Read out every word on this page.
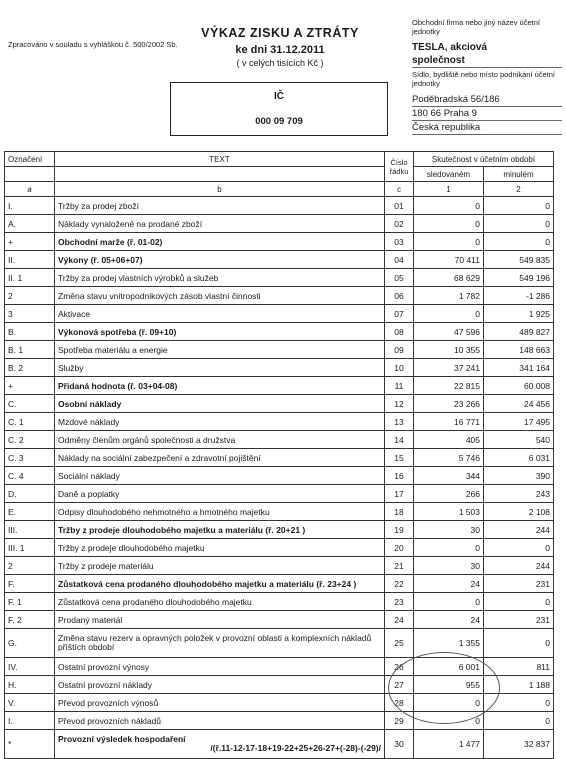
Zpracováno v souladu s vyhláškou č. 500/2002 Sb.
VÝKAZ ZISKU A ZTRÁTY
ke dni 31.12.2011
( v celých tisících Kč )
IČ
000 09 709
Obchodní firma nebo jiný název účetní jednotky
TESLA, akciová
společnost
Sídlo, bydliště nebo místo podnikání účetní jednotky
Poděbradská 56/186
180 66 Praha 9
Česká republika
Označení	TEXT	Číslo řádku	Skutečnost v účetním období	
			sledovaném	minulém
a	b	c	1	2
I.	Tržby za prodej zboží	01	0	0
A.	Náklady vynaložené na prodané zboží	02	0	0
+	Obchodní marže (ř. 01-02)	03	0	0
II.	Výkony (ř. 05+06+07)	04	70 411	549 835
II. 1	Tržby za prodej vlastních výrobků a služeb	05	68 629	549 196
2	Změna stavu vnitropodnikových zásob vlastní činnosti	06	1 782	-1 286
3	Aktivace	07	0	1 925
B.	Výkonová spotřeba (ř. 09+10)	08	47 596	489 827
B. 1	Spotřeba materiálu a energie	09	10 355	148 663
B. 2	Služby	10	37 241	341 164
+	Přidaná hodnota (ř. 03+04-08)	11	22 815	60 008
C.	Osobní náklady	12	23 266	24 456
C. 1	Mzdové náklady	13	16 771	17 495
C. 2	Odměny členům orgánů společnosti a družstva	14	405	540
C. 3	Náklady na sociální zabezpečení a zdravotní pojištění	15	5 746	6 031
C. 4	Sociální náklady	16	344	390
D.	Daně a poplatky	17	266	243
E.	Odpisy dlouhodobého nehmotného a hmotného majetku	18	1 503	2 108
III.	Tržby z prodeje dlouhodobého majetku a materiálu (ř. 20+21 )	19	30	244
III. 1	Tržby z prodeje dlouhodobého majetku	20	0	0
2	Tržby z prodeje materiálu	21	30	244
F.	Zůstatková cena prodaného dlouhodobého majetku a materiálu (ř. 23+24 )	22	24	231
F. 1	Zůstatková cena prodaného dlouhodobého majetku	23	0	0
F. 2	Prodaný materiál	24	24	231
G.	Změna stavu rezerv a opravných položek v provozní oblasti a komplexních nákladů příštích období	25	1 355	0
IV.	Ostatní provozní výnosy	26	6 001	811
H.	Ostatní provozní náklady	27	955	1 188
V.	Převod provozních výnosů	28	0	0
I.	Převod provozních nákladů	29	0	0
*	Provozní výsledek hospodaření
/(ř.11-12-17-18+19-22+25+26-27+(-28)-(-29)/	30	1 477	32 837
